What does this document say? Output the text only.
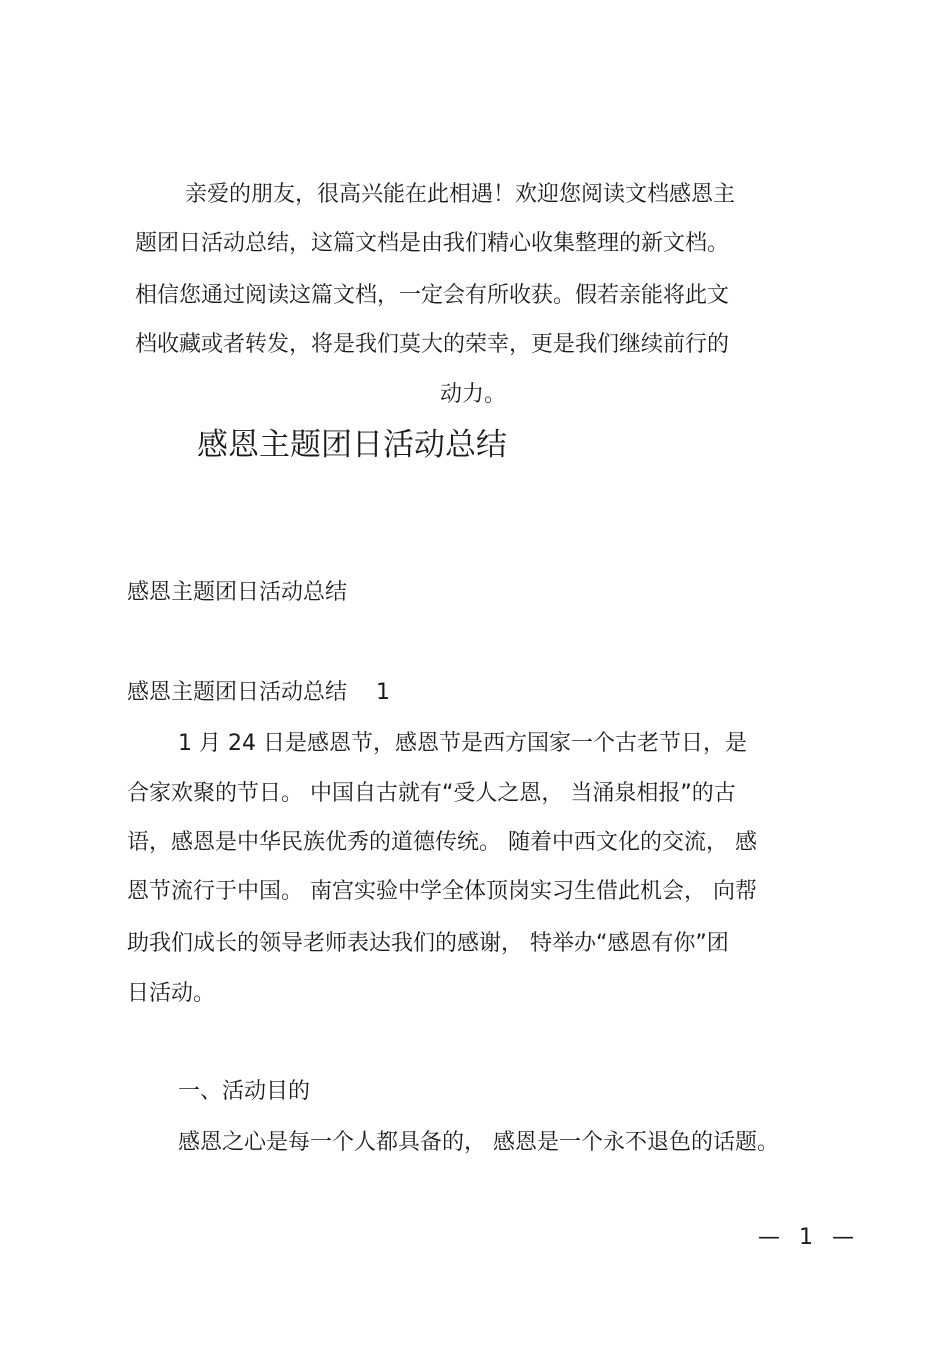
亲爱的朋友，很高兴能在此相遇！欢迎您阅读文档感恩主
题团日活动总结，这篇文档是由我们精心收集整理的新文档。
相信您通过阅读这篇文档，一定会有所收获。假若亲能将此文
档收藏或者转发，将是我们莫大的荣幸，更是我们继续前行的
动力。
感恩主题团日活动总结
感恩主题团日活动总结
感恩主题团日活动总结　 1
1 月 24 日是感恩节，感恩节是西方国家一个古老节日，是
合家欢聚的节日。 中国自古就有“受人之恩， 当涌泉相报”的古
语，感恩是中华民族优秀的道德传统。 随着中西文化的交流， 感
恩节流行于中国。 南宫实验中学全体顶岗实习生借此机会， 向帮
助我们成长的领导老师表达我们的感谢， 特举办“感恩有你”团
日活动。
一、活动目的
感恩之心是每一个人都具备的， 感恩是一个永不退色的话题。
— 1 —
